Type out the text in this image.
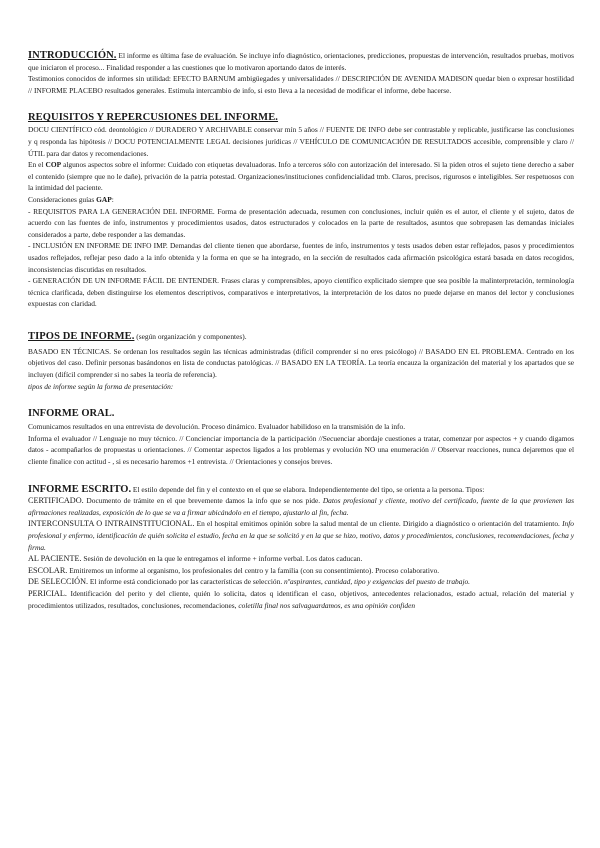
INTRODUCCIÓN. El informe es última fase de evaluación. Se incluye info diagnóstico, orientaciones, predicciones, propuestas de intervención, resultados pruebas, motivos que iniciaron el proceso... Finalidad responder a las cuestiones que lo motivaron aportando datos de interés.

Testimonios conocidos de informes sin utilidad: EFECTO BARNUM ambigüegades y universalidades // DESCRIPCIÓN DE AVENIDA MADISON quedar bien o expresar hostilidad // INFORME PLACEBO resultados generales. Estimula intercambio de info, si esto lleva a la necesidad de modificar el informe, debe hacerse.

REQUISITOS Y REPERCUSIONES DEL INFORME.

DOCU CIENTÍFICO cód. deontológico // DURADERO Y ARCHIVABLE conservar mín 5 años // FUENTE DE INFO debe ser contrastable y replicable, justificarse las conclusiones y q responda las hipótesis // DOCU POTENCIALMENTE LEGAL decisiones jurídicas // VEHÍCULO DE COMUNICACIÓN DE RESULTADOS accesible, comprensible y claro // ÚTIL para dar datos y recomendaciones.

En el COP algunos aspectos sobre el informe: Cuidado con etiquetas devaluadoras. Info a terceros sólo con autorización del interesado. Si la piden otros el sujeto tiene derecho a saber el contenido (siempre que no le dañe), privación de la patria potestad. Organizaciones/instituciones confidencialidad tmb. Claros, precisos, rigurosos e inteligibles. Ser respetuosos con la intimidad del paciente.

Consideraciones guías GAP:

- REQUISITOS PARA LA GENERACIÓN DEL INFORME. Forma de presentación adecuada, resumen con conclusiones, incluir quién es el autor, el cliente y el sujeto, datos de acuerdo con las fuentes de info, instrumentos y procedimientos usados, datos estructurados y colocados en la parte de resultados, asuntos que sobrepasen las demandas iniciales considerados a parte, debe responder a las demandas.

- INCLUSIÓN EN INFORME DE INFO IMP. Demandas del cliente tienen que abordarse, fuentes de info, instrumentos y tests usados deben estar reflejados, pasos y procedimientos usados reflejados, reflejar peso dado a la info obtenida y la forma en que se ha integrado, en la sección de resultados cada afirmación psicológica estará basada en datos recogidos, inconsistencias discutidas en resultados.

- GENERACIÓN DE UN INFORME FÁCIL DE ENTENDER. Frases claras y comprensibles, apoyo científico explicitado siempre que sea posible la malinterpretación, terminología técnica clarificada, deben distinguirse los elementos descriptivos, comparativos e interpretativos, la interpretación de los datos no puede dejarse en manos del lector y conclusiones expuestas con claridad.

TIPOS DE INFORME. (según organización y componentes).

BASADO EN TÉCNICAS. Se ordenan los resultados según las técnicas administradas (difícil comprender si no eres psicólogo) // BASADO EN EL PROBLEMA. Centrado en los objetivos del caso. Definir personas basándonos en lista de conductas patológicas. // BASADO EN LA TEORÍA. La teoría encauza la organización del material y los apartados que se incluyen (difícil comprender si no sabes la teoría de referencia).

tipos de informe según la forma de presentación:

INFORME ORAL.

Comunicamos resultados en una entrevista de devolución. Proceso dinámico. Evaluador habilidoso en la transmisión de la info.

Informa el evaluador // Lenguaje no muy técnico. // Concienciar importancia de la participación //Secuenciar abordaje cuestiones a tratar, comenzar por aspectos + y cuando digamos datos - acompañarlos de propuestas u orientaciones. // Comentar aspectos ligados a los problemas y evolución NO una enumeración // Observar reacciones, nunca dejaremos que el cliente finalice con actitud - , si es necesario haremos +1 entrevista. // Orientaciones y consejos breves.

INFORME ESCRITO. El estilo depende del fin y el contexto en el que se elabora. Independientemente del tipo, se orienta a la persona. Tipos:

CERTIFICADO. Documento de trámite en el que brevemente damos la info que se nos pide. Datos profesional y cliente, motivo del certificado, fuente de la que provienen las afirmaciones realizadas, exposición de lo que se va a firmar ubicándolo en el tiempo, ajustarlo al fin, fecha.

INTERCONSULTA O INTRAINSTITUCIONAL. En el hospital emitimos opinión sobre la salud mental de un cliente. Dirigido a diagnóstico o orientación del tratamiento. Info profesional y enfermo, identificación de quién solicita el estudio, fecha en la que se solicitó y en la que se hizo, motivo, datos y procedimientos, conclusiones, recomendaciones, fecha y firma.

AL PACIENTE. Sesión de devolución en la que le entregamos el informe + informe verbal. Los datos caducan.

ESCOLAR. Emitiremos un informe al organismo, los profesionales del centro y la familia (con su consentimiento). Proceso colaborativo.

DE SELECCIÓN. El informe está condicionado por las características de selección. nºaspirantes, cantidad, tipo y exigencias del puesto de trabajo.

PERICIAL. Identificación del perito y del cliente, quién lo solicita, datos q identifican el caso, objetivos, antecedentes relacionados, estado actual, relación del material y procedimientos utilizados, resultados, conclusiones, recomendaciones, coletilla final nos salvaguardamos, es una opinión confiden
